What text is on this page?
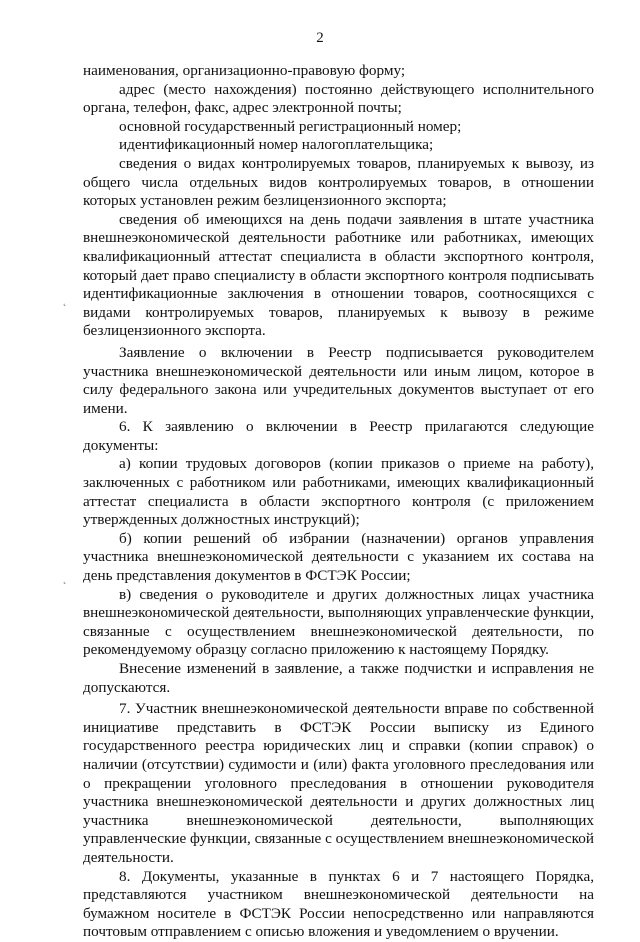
2

наименования, организационно-правовую форму;

адрес (место нахождения) постоянно действующего исполнительного органа, телефон, факс, адрес электронной почты;

основной государственный регистрационный номер;

идентификационный номер налогоплательщика;

сведения о видах контролируемых товаров, планируемых к вывозу, из общего числа отдельных видов контролируемых товаров, в отношении которых установлен режим безлицензионного экспорта;

сведения об имеющихся на день подачи заявления в штате участника внешнеэкономической деятельности работнике или работниках, имеющих квалификационный аттестат специалиста в области экспортного контроля, который дает право специалисту в области экспортного контроля подписывать идентификационные заключения в отношении товаров, соотносящихся с видами контролируемых товаров, планируемых к вывозу в режиме безлицензионного экспорта.

Заявление о включении в Реестр подписывается руководителем участника внешнеэкономической деятельности или иным лицом, которое в силу федерального закона или учредительных документов выступает от его имени.

6. К заявлению о включении в Реестр прилагаются следующие документы:

а) копии трудовых договоров (копии приказов о приеме на работу), заключенных с работником или работниками, имеющих квалификационный аттестат специалиста в области экспортного контроля (с приложением утвержденных должностных инструкций);

б) копии решений об избрании (назначении) органов управления участника внешнеэкономической деятельности с указанием их состава на день представления документов в ФСТЭК России;

в) сведения о руководителе и других должностных лицах участника внешнеэкономической деятельности, выполняющих управленческие функции, связанные с осуществлением внешнеэкономической деятельности, по рекомендуемому образцу согласно приложению к настоящему Порядку.

Внесение изменений в заявление, а также подчистки и исправления не допускаются.

7. Участник внешнеэкономической деятельности вправе по собственной инициативе представить в ФСТЭК России выписку из Единого государственного реестра юридических лиц и справки (копии справок) о наличии (отсутствии) судимости и (или) факта уголовного преследования или о прекращении уголовного преследования в отношении руководителя участника внешнеэкономической деятельности и других должностных лиц участника внешнеэкономической деятельности, выполняющих управленческие функции, связанные с осуществлением внешнеэкономической деятельности.

8. Документы, указанные в пунктах 6 и 7 настоящего Порядка, представляются участником внешнеэкономической деятельности на бумажном носителе в ФСТЭК России непосредственно или направляются почтовым отправлением с описью вложения и уведомлением о вручении.

˛
˛
